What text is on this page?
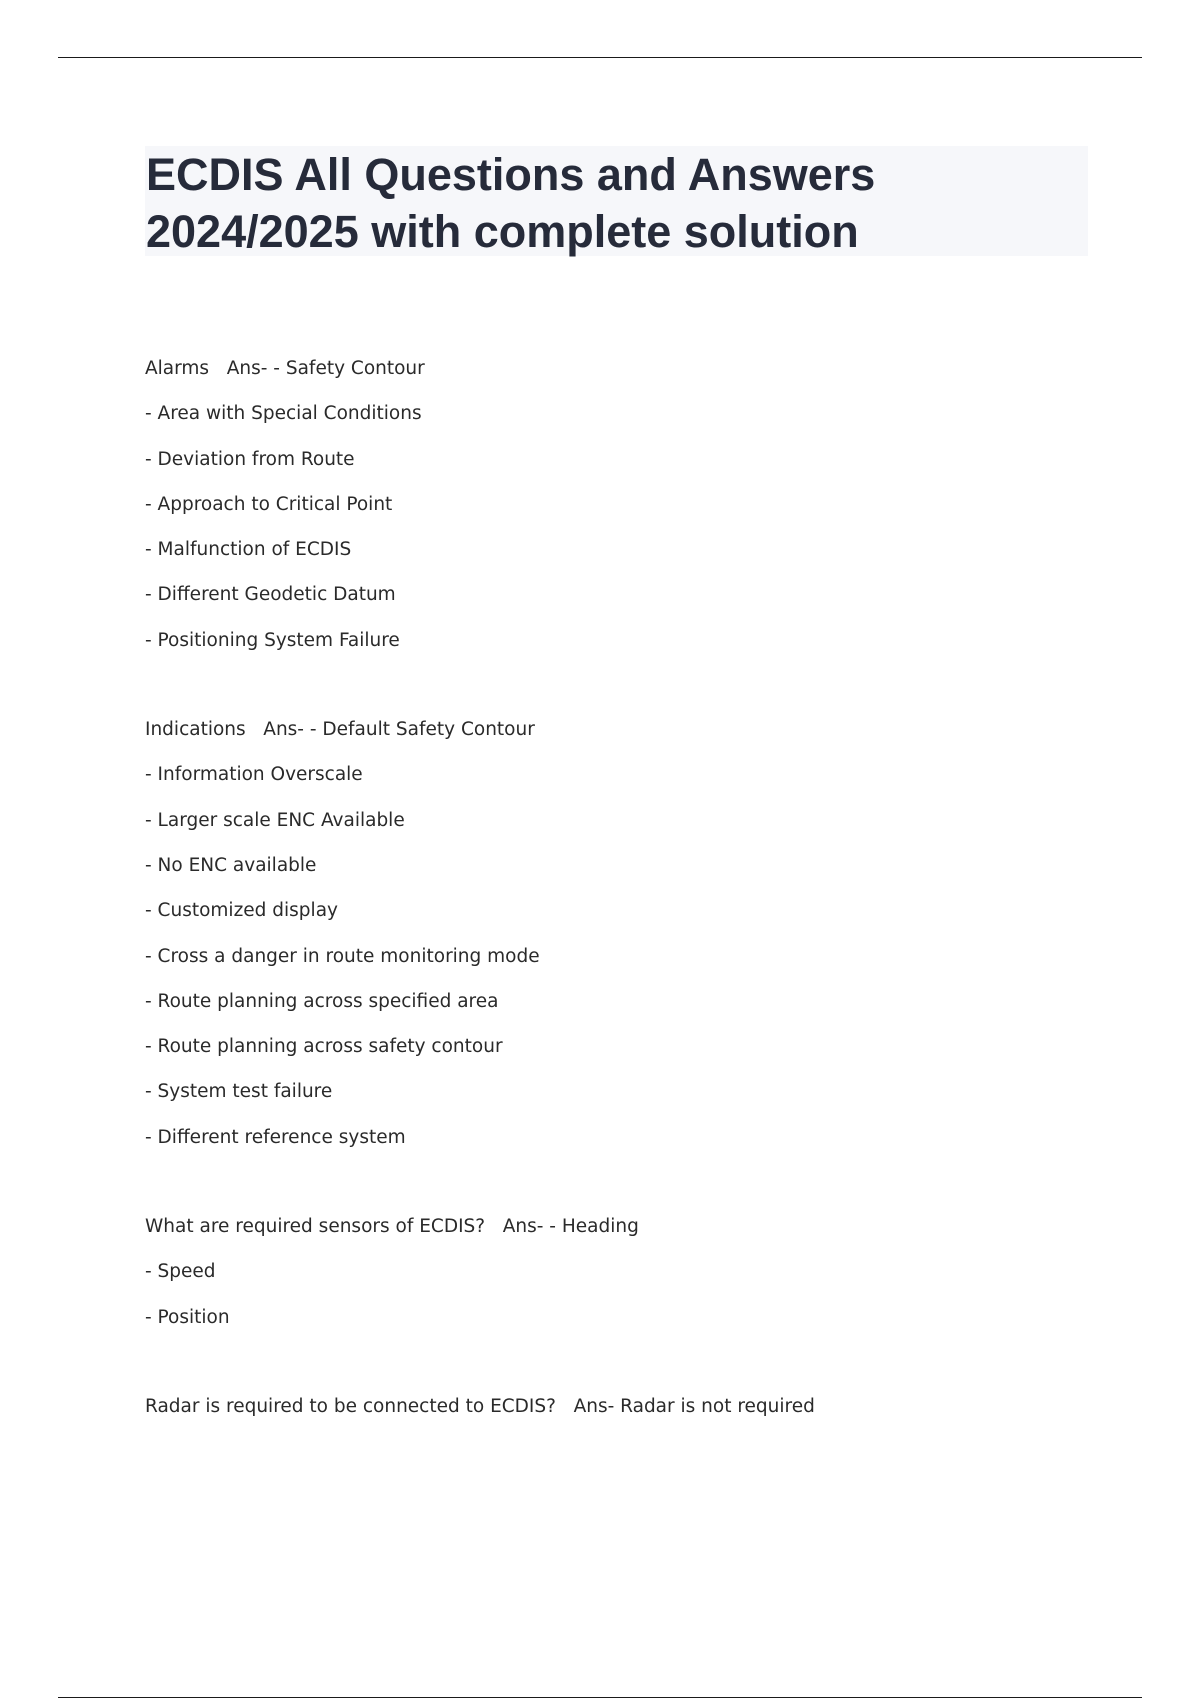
ECDIS All Questions and Answers

2024/2025 with complete solution

Alarms   Ans- - Safety Contour

- Area with Special Conditions

- Deviation from Route

- Approach to Critical Point

- Malfunction of ECDIS

- Different Geodetic Datum

- Positioning System Failure

Indications   Ans- - Default Safety Contour

- Information Overscale

- Larger scale ENC Available

- No ENC available

- Customized display

- Cross a danger in route monitoring mode

- Route planning across specified area

- Route planning across safety contour

- System test failure

- Different reference system

What are required sensors of ECDIS?   Ans- - Heading

- Speed

- Position

Radar is required to be connected to ECDIS?   Ans- Radar is not required
